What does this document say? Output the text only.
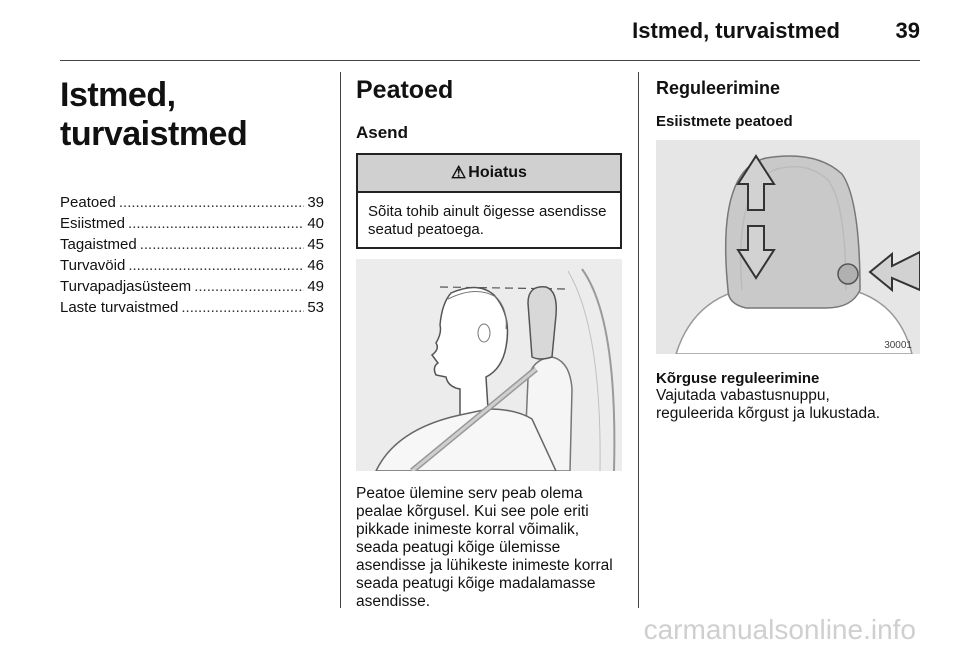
Istmed, turvaistmed	39
Istmed, turvaistmed
Peatoed .....	39
Esiistmed .....	40
Tagaistmed .....	45
Turvavöid .....	46
Turvapadjasüsteem .....	49
Laste turvaistmed .....	53
Peatoed
Asend
⚠ Hoiatus
Sõita tohib ainult õigesse asendisse seatud peatoega.

Peatoe ülemine serv peab olema pealae kõrgusel. Kui see pole eriti pikkade inimeste korral võimalik, seada peatugi kõige ülemisse asendisse ja lühikeste inimeste korral seada peatugi kõige madalamasse asendisse.

Reguleerimine
Esiistmete peatoed
30001
Kõrguse reguleerimine

Vajutada vabastusnuppu, reguleerida kõrgust ja lukustada.

carmanualsonline.info
